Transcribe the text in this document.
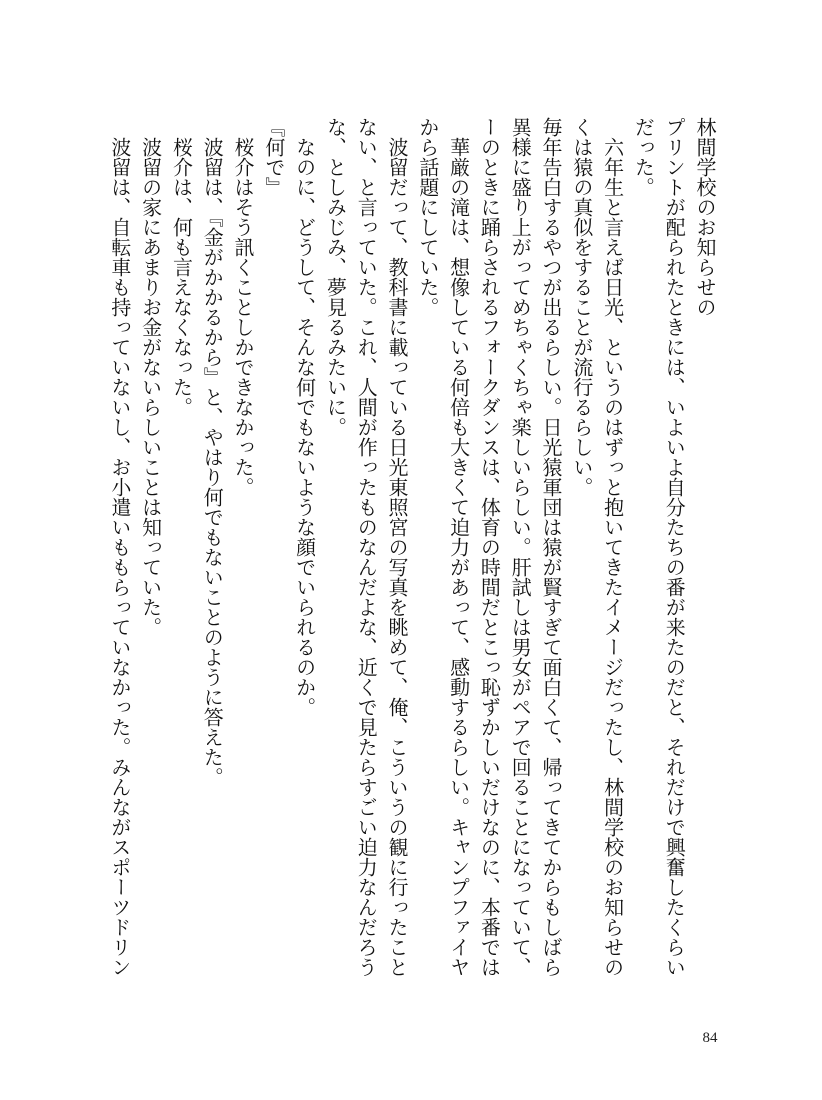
林間学校のお知らせの
プリントが配られたときには、いよいよ自分たちの番が来たのだと、それだけで興奮したくらい
だった。
　六年生と言えば日光、というのはずっと抱いてきたイメージだったし、林間学校のお知らせの
くは猿の真似をすることが流行るらしい。
毎年告白するやつが出るらしい。日光猿軍団は猿が賢すぎて面白くて、帰ってきてからもしばら
異様に盛り上がってめちゃくちゃ楽しいらしい。肝試しは男女がペアで回ることになっていて、
ーのときに踊らされるフォークダンスは、体育の時間だとこっ恥ずかしいだけなのに、本番では
　華厳の滝は、想像している何倍も大きくて迫力があって、感動するらしい。キャンプファイヤ
から話題にしていた。
　波留だって、教科書に載っている日光東照宮の写真を眺めて、俺、こういうの観に行ったこと
ない、と言っていた。これ、人間が作ったものなんだよな、近くで見たらすごい迫力なんだろう
な、としみじみ、夢見るみたいに。
　なのに、どうして、そんな何でもないような顔でいられるのか。
『何で』
　桜介はそう訊くことしかできなかった。
　波留は、『金がかかるから』と、やはり何でもないことのように答えた。
　桜介は、何も言えなくなった。
　波留の家にあまりお金がないらしいことは知っていた。
　波留は、自転車も持っていないし、お小遣いももらっていなかった。みんながスポーツドリン
84
